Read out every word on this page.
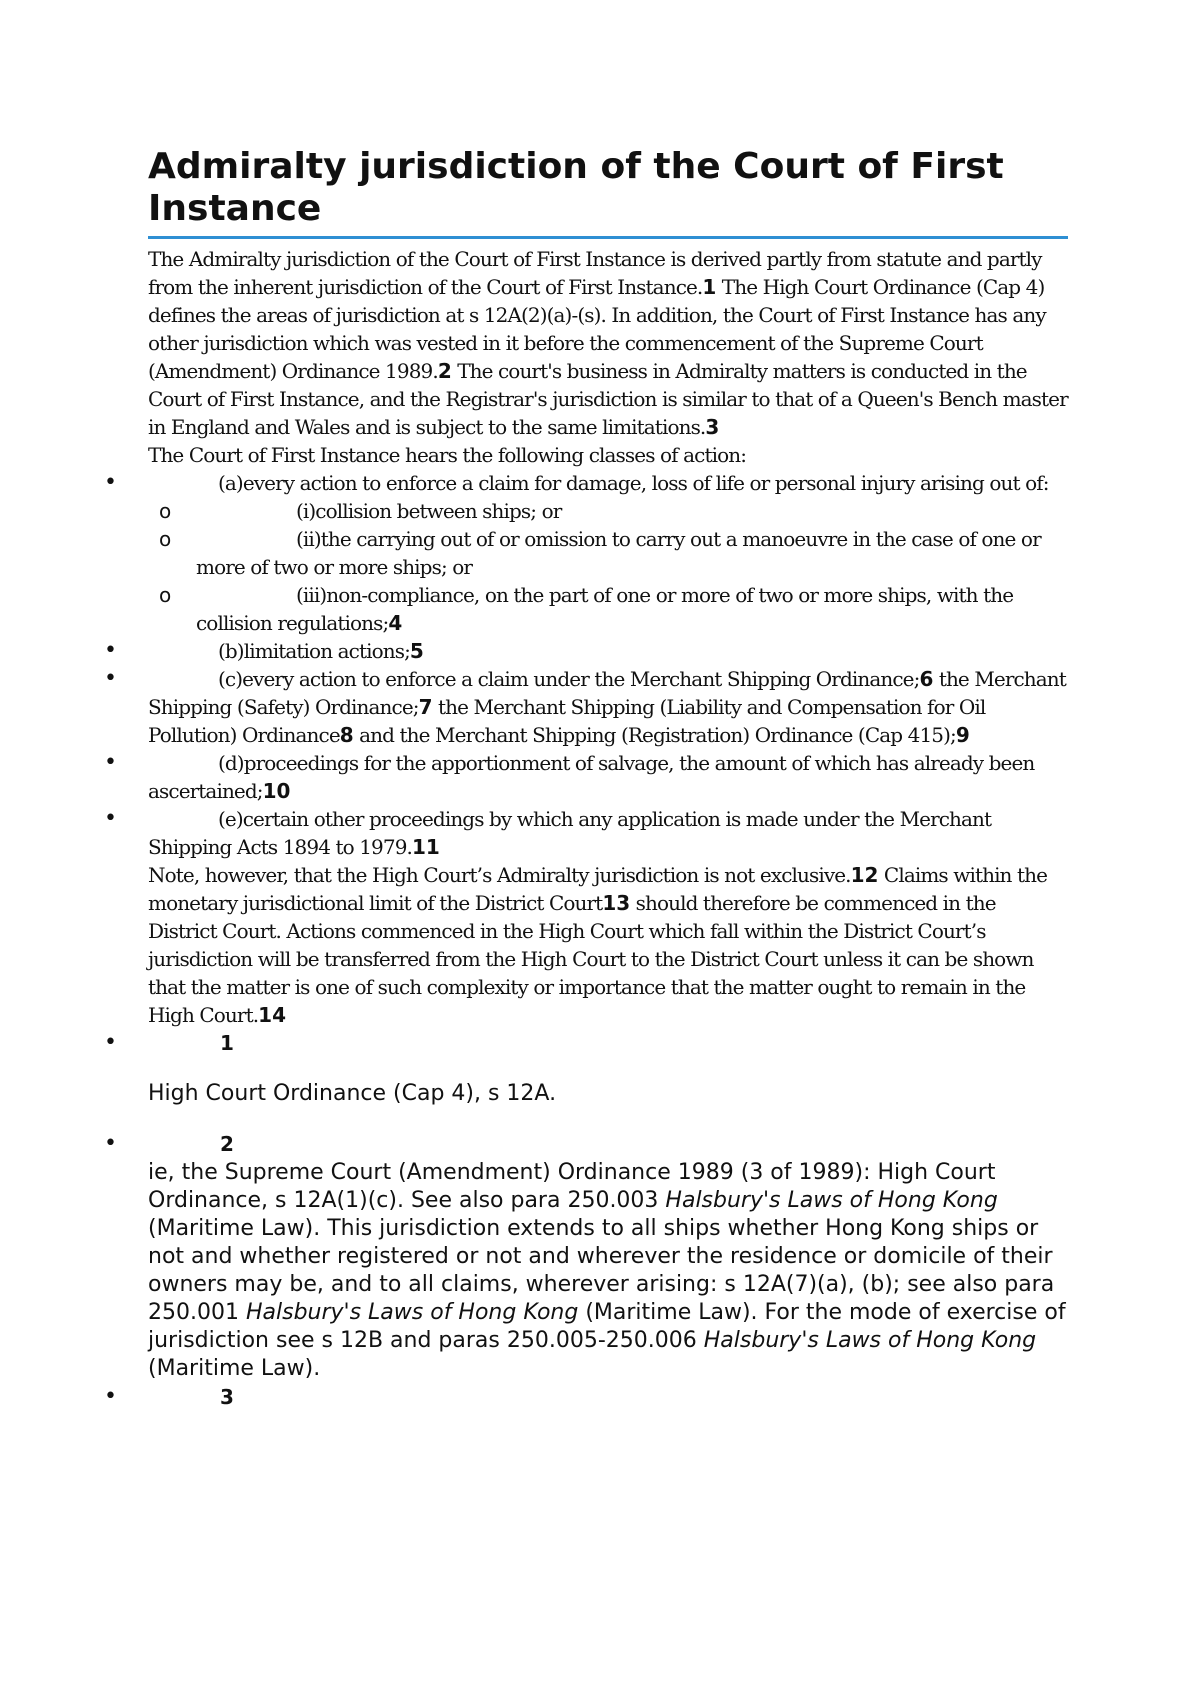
Admiralty jurisdiction of the Court of First Instance

The Admiralty jurisdiction of the Court of First Instance is derived partly from statute and partly from the inherent jurisdiction of the Court of First Instance.1 The High Court Ordinance (Cap 4) defines the areas of jurisdiction at s 12A(2)(a)-(s). In addition, the Court of First Instance has any other jurisdiction which was vested in it before the commencement of the Supreme Court (Amendment) Ordinance 1989.2 The court's business in Admiralty matters is conducted in the Court of First Instance, and the Registrar's jurisdiction is similar to that of a Queen's Bench master in England and Wales and is subject to the same limitations.3

The Court of First Instance hears the following classes of action:

•	(a)every action to enforce a claim for damage, loss of life or personal injury arising out of:
o	(i)collision between ships; or
o	(ii)the carrying out of or omission to carry out a manoeuvre in the case of one or more of two or more ships; or
o	(iii)non-compliance, on the part of one or more of two or more ships, with the collision regulations;4
•	(b)limitation actions;5
•	(c)every action to enforce a claim under the Merchant Shipping Ordinance;6 the Merchant Shipping (Safety) Ordinance;7 the Merchant Shipping (Liability and Compensation for Oil Pollution) Ordinance8 and the Merchant Shipping (Registration) Ordinance (Cap 415);9
•	(d)proceedings for the apportionment of salvage, the amount of which has already been ascertained;10
•	(e)certain other proceedings by which any application is made under the Merchant Shipping Acts 1894 to 1979.11

Note, however, that the High Court’s Admiralty jurisdiction is not exclusive.12 Claims within the monetary jurisdictional limit of the District Court13 should therefore be commenced in the District Court. Actions commenced in the High Court which fall within the District Court’s jurisdiction will be transferred from the High Court to the District Court unless it can be shown that the matter is one of such complexity or importance that the matter ought to remain in the High Court.14

•	1
High Court Ordinance (Cap 4), s 12A.
•	2
ie, the Supreme Court (Amendment) Ordinance 1989 (3 of 1989): High Court Ordinance, s 12A(1)(c). See also para 250.003 Halsbury's Laws of Hong Kong (Maritime Law). This jurisdiction extends to all ships whether Hong Kong ships or not and whether registered or not and wherever the residence or domicile of their owners may be, and to all claims, wherever arising: s 12A(7)(a), (b); see also para 250.001 Halsbury's Laws of Hong Kong (Maritime Law). For the mode of exercise of jurisdiction see s 12B and paras 250.005-250.006 Halsbury's Laws of Hong Kong (Maritime Law).
•	3
